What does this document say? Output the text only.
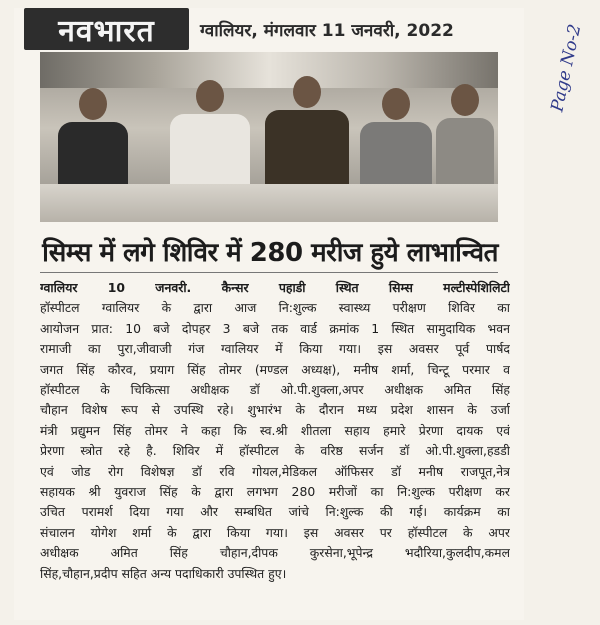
नवभारत	ग्वालियर, मंगलवार 11 जनवरी, 2022	Page No-2
सिम्स में लगे शिविर में 280 मरीज हुये लाभान्वित
ग्वालियर 10 जनवरी. कैन्सर पहाडी स्थित सिम्स मल्टीस्पेशिलिटी
हॉस्पीटल ग्वालियर के द्वारा आज नि:शुल्क स्वास्थ्य परीक्षण शिविर का
आयोजन प्रात: 10 बजे दोपहर 3 बजे तक वार्ड क्रमांक 1 स्थित सामुदायिक भवन
रामाजी का पुरा,जीवाजी गंज ग्वालियर में किया गया। इस अवसर पूर्व पार्षद
जगत सिंह कौरव, प्रयाग सिंह तोमर (मण्डल अध्यक्ष), मनीष शर्मा, चिन्टू परमार व
हॉस्पीटल के चिकित्सा अधीक्षक डॉ ओ.पी.शुक्ला,अपर अधीक्षक अमित सिंह
चौहान विशेष रूप से उपस्थि रहे। शुभारंभ के दौरान मध्य प्रदेश शासन के उर्जा
मंत्री प्रद्युमन सिंह तोमर ने कहा कि स्व.श्री शीतला सहाय हमारे प्रेरणा दायक एवं
प्रेरणा स्त्रोत रहे है. शिविर में हॉस्पीटल के वरिष्ठ सर्जन डॉ ओ.पी.शुक्ला,हडडी
एवं जोड रोग विशेषज्ञ डॉ रवि गोयल,मेडिकल ऑफिसर डॉ मनीष राजपूत,नेत्र
सहायक श्री युवराज सिंह के द्वारा लगभग 280 मरीजों का नि:शुल्क परीक्षण कर
उचित परामर्श दिया गया और सम्बधित जांचे नि:शुल्क की गई। कार्यक्रम का
संचालन योगेश शर्मा के द्वारा किया गया। इस अवसर पर हॉस्पीटल के अपर
अधीक्षक अमित सिंह चौहान,दीपक कुरसेना,भूपेन्द्र भदौरिया,कुलदीप,कमल
सिंह,चौहान,प्रदीप सहित अन्य पदाधिकारी उपस्थित हुए।
